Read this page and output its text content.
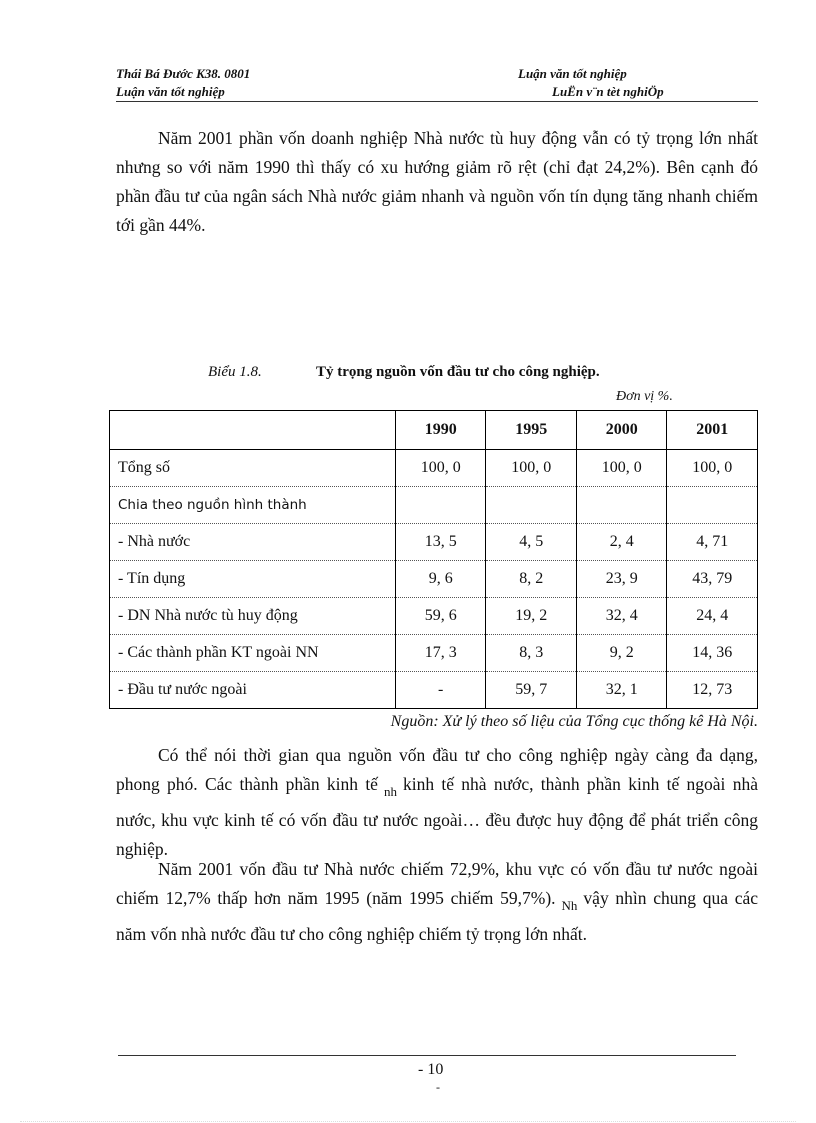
Thái Bá Đước K38. 0801	Luận văn tốt nghiệp
Luận văn tốt nghiệp	LuËn v¨n tèt nghiÖp

Năm 2001 phần vốn doanh nghiệp Nhà nước tù huy động vẫn có tỷ trọng lớn nhất nhưng so với năm 1990 thì thấy có xu hướng giảm rõ rệt (chỉ đạt 24,2%). Bên cạnh đó phần đầu tư của ngân sách Nhà nước giảm nhanh và nguồn vốn tín dụng tăng nhanh chiếm tới gần 44%.

Biểu 1.8.	Tỷ trọng nguồn vốn đầu tư cho công nghiệp.
Đơn vị %.
	1990	1995	2000	2001
Tổng số	100, 0	100, 0	100, 0	100, 0
Chia theo nguồn hình thành				
- Nhà nước	13, 5	4, 5	2, 4	4, 71
- Tín dụng	9, 6	8, 2	23, 9	43, 79
- DN Nhà nước tù huy động	59, 6	19, 2	32, 4	24, 4
- Các thành phần KT ngoài NN	17, 3	8, 3	9, 2	14, 36
- Đầu tư nước ngoài	-	59, 7	32, 1	12, 73
Nguồn: Xử lý theo số liệu của Tổng cục thống kê Hà Nội.

Có thể nói thời gian qua nguồn vốn đầu tư cho công nghiệp ngày càng đa dạng, phong phó. Các thành phần kinh tế $_{nh}$ kinh tế nhà nước, thành phần kinh tế ngoài nhà nước, khu vực kinh tế có vốn đầu tư nước ngoài… đều được huy động để phát triển công nghiệp.

Năm 2001 vốn đầu tư Nhà nước chiếm 72,9%, khu vực có vốn đầu tư nước ngoài chiếm 12,7% thấp hơn năm 1995 (năm 1995 chiếm 59,7%). $_{Nh}$ vậy nhìn chung qua các năm vốn nhà nước đầu tư cho công nghiệp chiếm tỷ trọng lớn nhất.

- 10
-
